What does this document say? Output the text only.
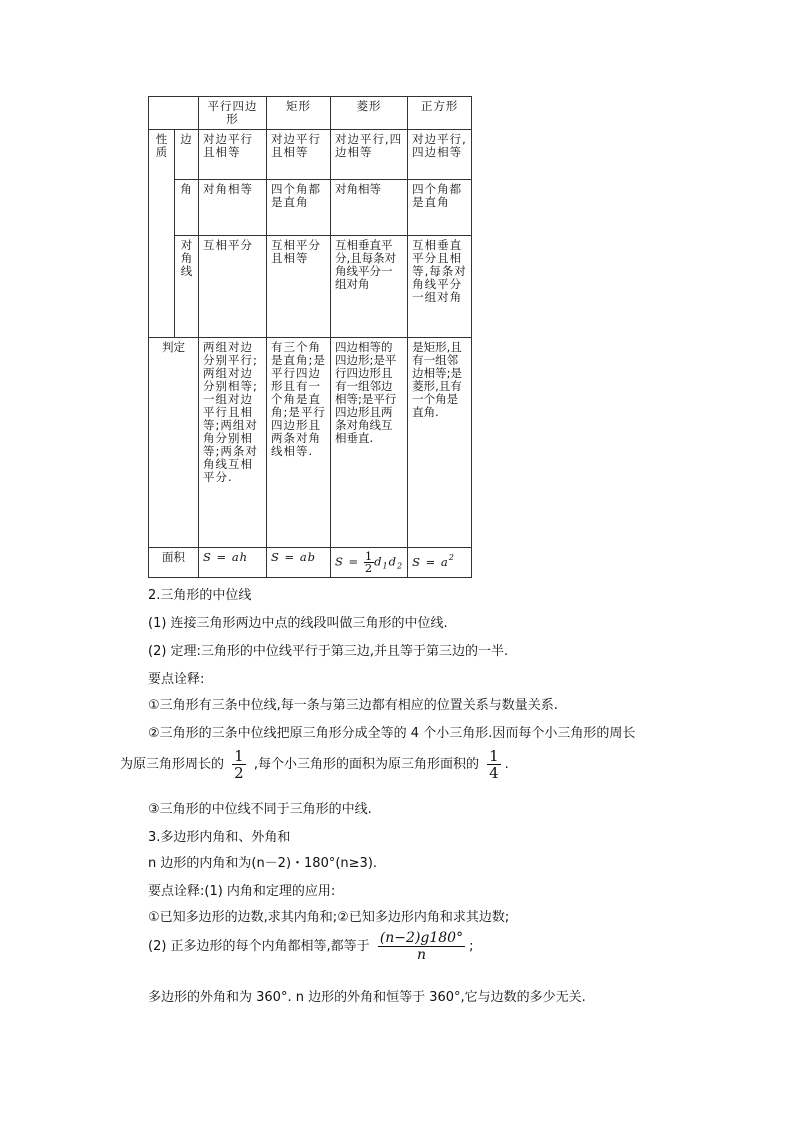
		平行四边形	矩形	菱形	正方形
性质	边	对边平行且相等	对边平行且相等	对边平行,四边相等	对边平行,四边相等
	角	对角相等	四个角都是直角	对角相等	四个角都是直角
	对角线	互相平分	互相平分且相等	互相垂直平分,且每条对角线平分一组对角	互相垂直平分且相等,每条对角线平分一组对角
判定		两组对边分别平行;两组对边分别相等;一组对边平行且相等;两组对角分别相等;两条对角线互相平分.	有三个角是直角;是平行四边形且有一个角是直角;是平行四边形且两条对角线相等.	四边相等的四边形;是平行四边形且有一组邻边相等;是平行四边形且两条对角线互相垂直.	是矩形,且有一组邻边相等;是菱形,且有一个角是直角.
面积		S = ah	S = ab	$S = \frac{1}{2} d_1d_2$	$S = a^2$
2.三角形的中位线
(1) 连接三角形两边中点的线段叫做三角形的中位线.
(2) 定理:三角形的中位线平行于第三边,并且等于第三边的一半.
要点诠释:
①三角形有三条中位线,每一条与第三边都有相应的位置关系与数量关系.
②三角形的三条中位线把原三角形分成全等的 4 个小三角形.因而每个小三角形的周长
为原三角形周长的 $\frac{1}{2}$ ,每个小三角形的面积为原三角形面积的 $\frac{1}{4}$ .
③三角形的中位线不同于三角形的中线.
3.多边形内角和、外角和
n 边形的内角和为(n－2)・180°(n≥3).
要点诠释:(1) 内角和定理的应用:
①已知多边形的边数,求其内角和;②已知多边形内角和求其边数;
(2) 正多边形的每个内角都相等,都等于 $\frac{(n-2)g180^\circ}{n}$ ;
多边形的外角和为 360°. n 边形的外角和恒等于 360°,它与边数的多少无关.
